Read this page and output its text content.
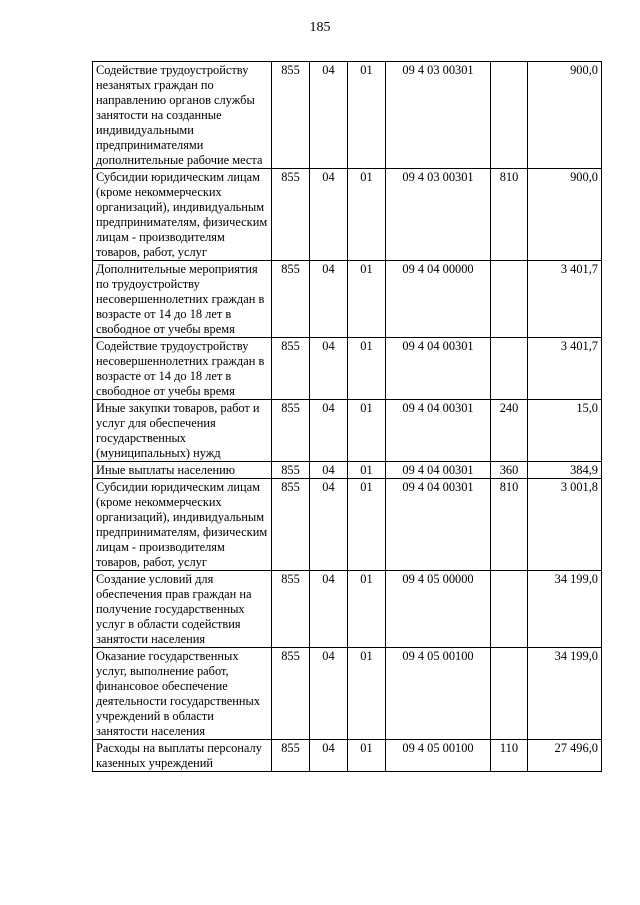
185
Содействие трудоустройству незанятых граждан по направлению органов службы занятости на созданные индивидуальными предпринимателями дополнительные рабочие места	855	04	01	09 4 03 00301		900,0
Субсидии юридическим лицам (кроме некоммерческих организаций), индивидуальным предпринимателям, физическим лицам - производителям товаров, работ, услуг	855	04	01	09 4 03 00301	810	900,0
Дополнительные мероприятия по трудоустройству несовершеннолетних граждан в возрасте от 14 до 18 лет в свободное от учебы время	855	04	01	09 4 04 00000		3 401,7
Содействие трудоустройству несовершеннолетних граждан в возрасте от 14 до 18 лет в свободное от учебы время	855	04	01	09 4 04 00301		3 401,7
Иные закупки товаров, работ и услуг для обеспечения государственных (муниципальных) нужд	855	04	01	09 4 04 00301	240	15,0
Иные выплаты населению	855	04	01	09 4 04 00301	360	384,9
Субсидии юридическим лицам (кроме некоммерческих организаций), индивидуальным предпринимателям, физическим лицам - производителям товаров, работ, услуг	855	04	01	09 4 04 00301	810	3 001,8
Создание условий для обеспечения прав граждан на получение государственных услуг в области содействия занятости населения	855	04	01	09 4 05 00000		34 199,0
Оказание государственных услуг, выполнение работ, финансовое обеспечение деятельности государственных учреждений в области занятости населения	855	04	01	09 4 05 00100		34 199,0
Расходы на выплаты персоналу казенных учреждений	855	04	01	09 4 05 00100	110	27 496,0
